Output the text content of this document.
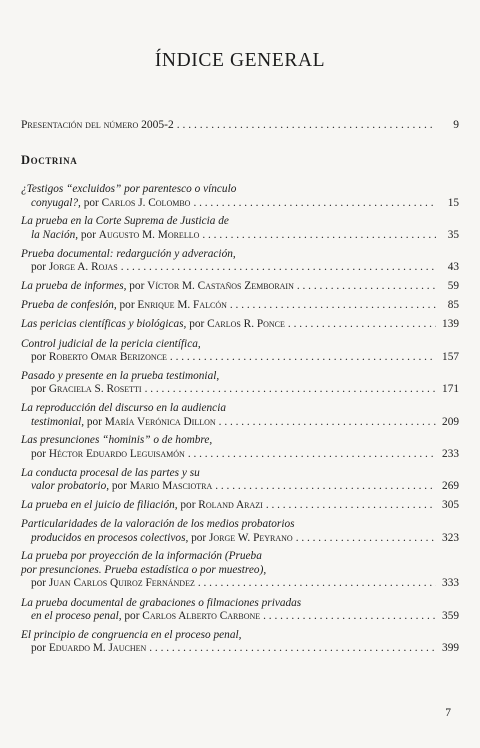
ÍNDICE GENERAL
Presentación del número 2005-2 . . .	9
Doctrina
¿Testigos “excluidos” por parentesco o vínculo
conyugal?, por Carlos J. Colombo . . .	15
La prueba en la Corte Suprema de Justicia de
la Nación, por Augusto M. Morello . . .	35
Prueba documental: redargución y adveración,
por Jorge A. Rojas . . .	43
La prueba de informes, por Víctor M. Castaños Zemborain . . .	59
Prueba de confesión, por Enrique M. Falcón . . .	85
Las pericias científicas y biológicas, por Carlos R. Ponce . . .	139
Control judicial de la pericia científica,
por Roberto Omar Berizonce . . .	157
Pasado y presente en la prueba testimonial,
por Graciela S. Rosetti . . .	171
La reproducción del discurso en la audiencia
testimonial, por María Verónica Dillon . . .	209
Las presunciones “hominis” o de hombre,
por Héctor Eduardo Leguisamón . . .	233
La conducta procesal de las partes y su
valor probatorio, por Mario Masciotra . . .	269
La prueba en el juicio de filiación, por Roland Arazi . . .	305
Particularidades de la valoración de los medios probatorios
producidos en procesos colectivos, por Jorge W. Peyrano . . .	323
La prueba por proyección de la información (Prueba
por presunciones. Prueba estadística o por muestreo),
por Juan Carlos Quiroz Fernández . . .	333
La prueba documental de grabaciones o filmaciones privadas
en el proceso penal, por Carlos Alberto Carbone . . .	359
El principio de congruencia en el proceso penal,
por Eduardo M. Jauchen . . .	399
7
